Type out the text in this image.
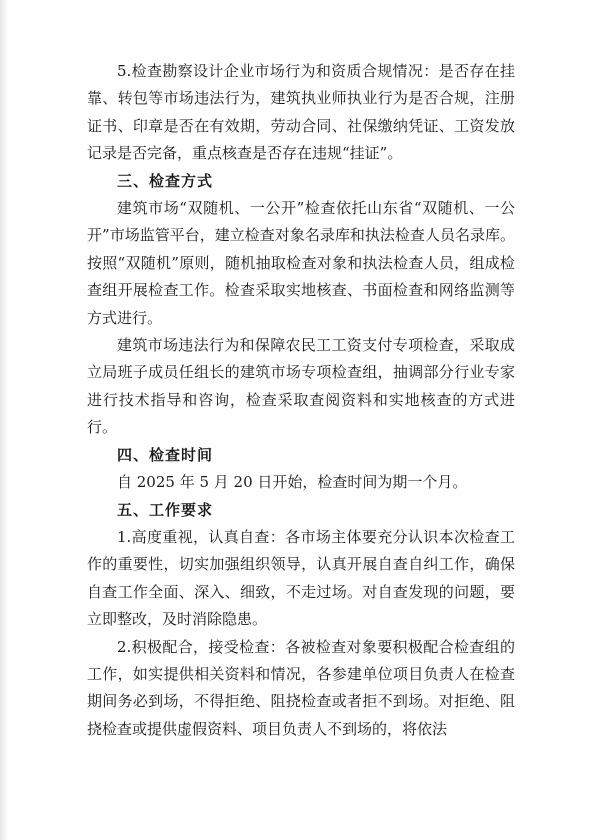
5.检查勘察设计企业市场行为和资质合规情况：是否存在挂靠、转包等市场违法行为，建筑执业师执业行为是否合规，注册证书、印章是否在有效期，劳动合同、社保缴纳凭证、工资发放记录是否完备，重点核查是否存在违规“挂证”。

三、检查方式

建筑市场“双随机、一公开”检查依托山东省“双随机、一公开”市场监管平台，建立检查对象名录库和执法检查人员名录库。按照“双随机”原则，随机抽取检查对象和执法检查人员，组成检查组开展检查工作。检查采取实地核查、书面检查和网络监测等方式进行。

建筑市场违法行为和保障农民工工资支付专项检查，采取成立局班子成员任组长的建筑市场专项检查组，抽调部分行业专家进行技术指导和咨询，检查采取查阅资料和实地核查的方式进行。

四、检查时间

自 2025 年 5 月 20 日开始，检查时间为期一个月。

五、工作要求

1.高度重视，认真自查：各市场主体要充分认识本次检查工作的重要性，切实加强组织领导，认真开展自查自纠工作，确保自查工作全面、深入、细致，不走过场。对自查发现的问题，要立即整改，及时消除隐患。

2.积极配合，接受检查：各被检查对象要积极配合检查组的工作，如实提供相关资料和情况，各参建单位项目负责人在检查期间务必到场，不得拒绝、阻挠检查或者拒不到场。对拒绝、阻挠检查或提供虚假资料、项目负责人不到场的，将依法
